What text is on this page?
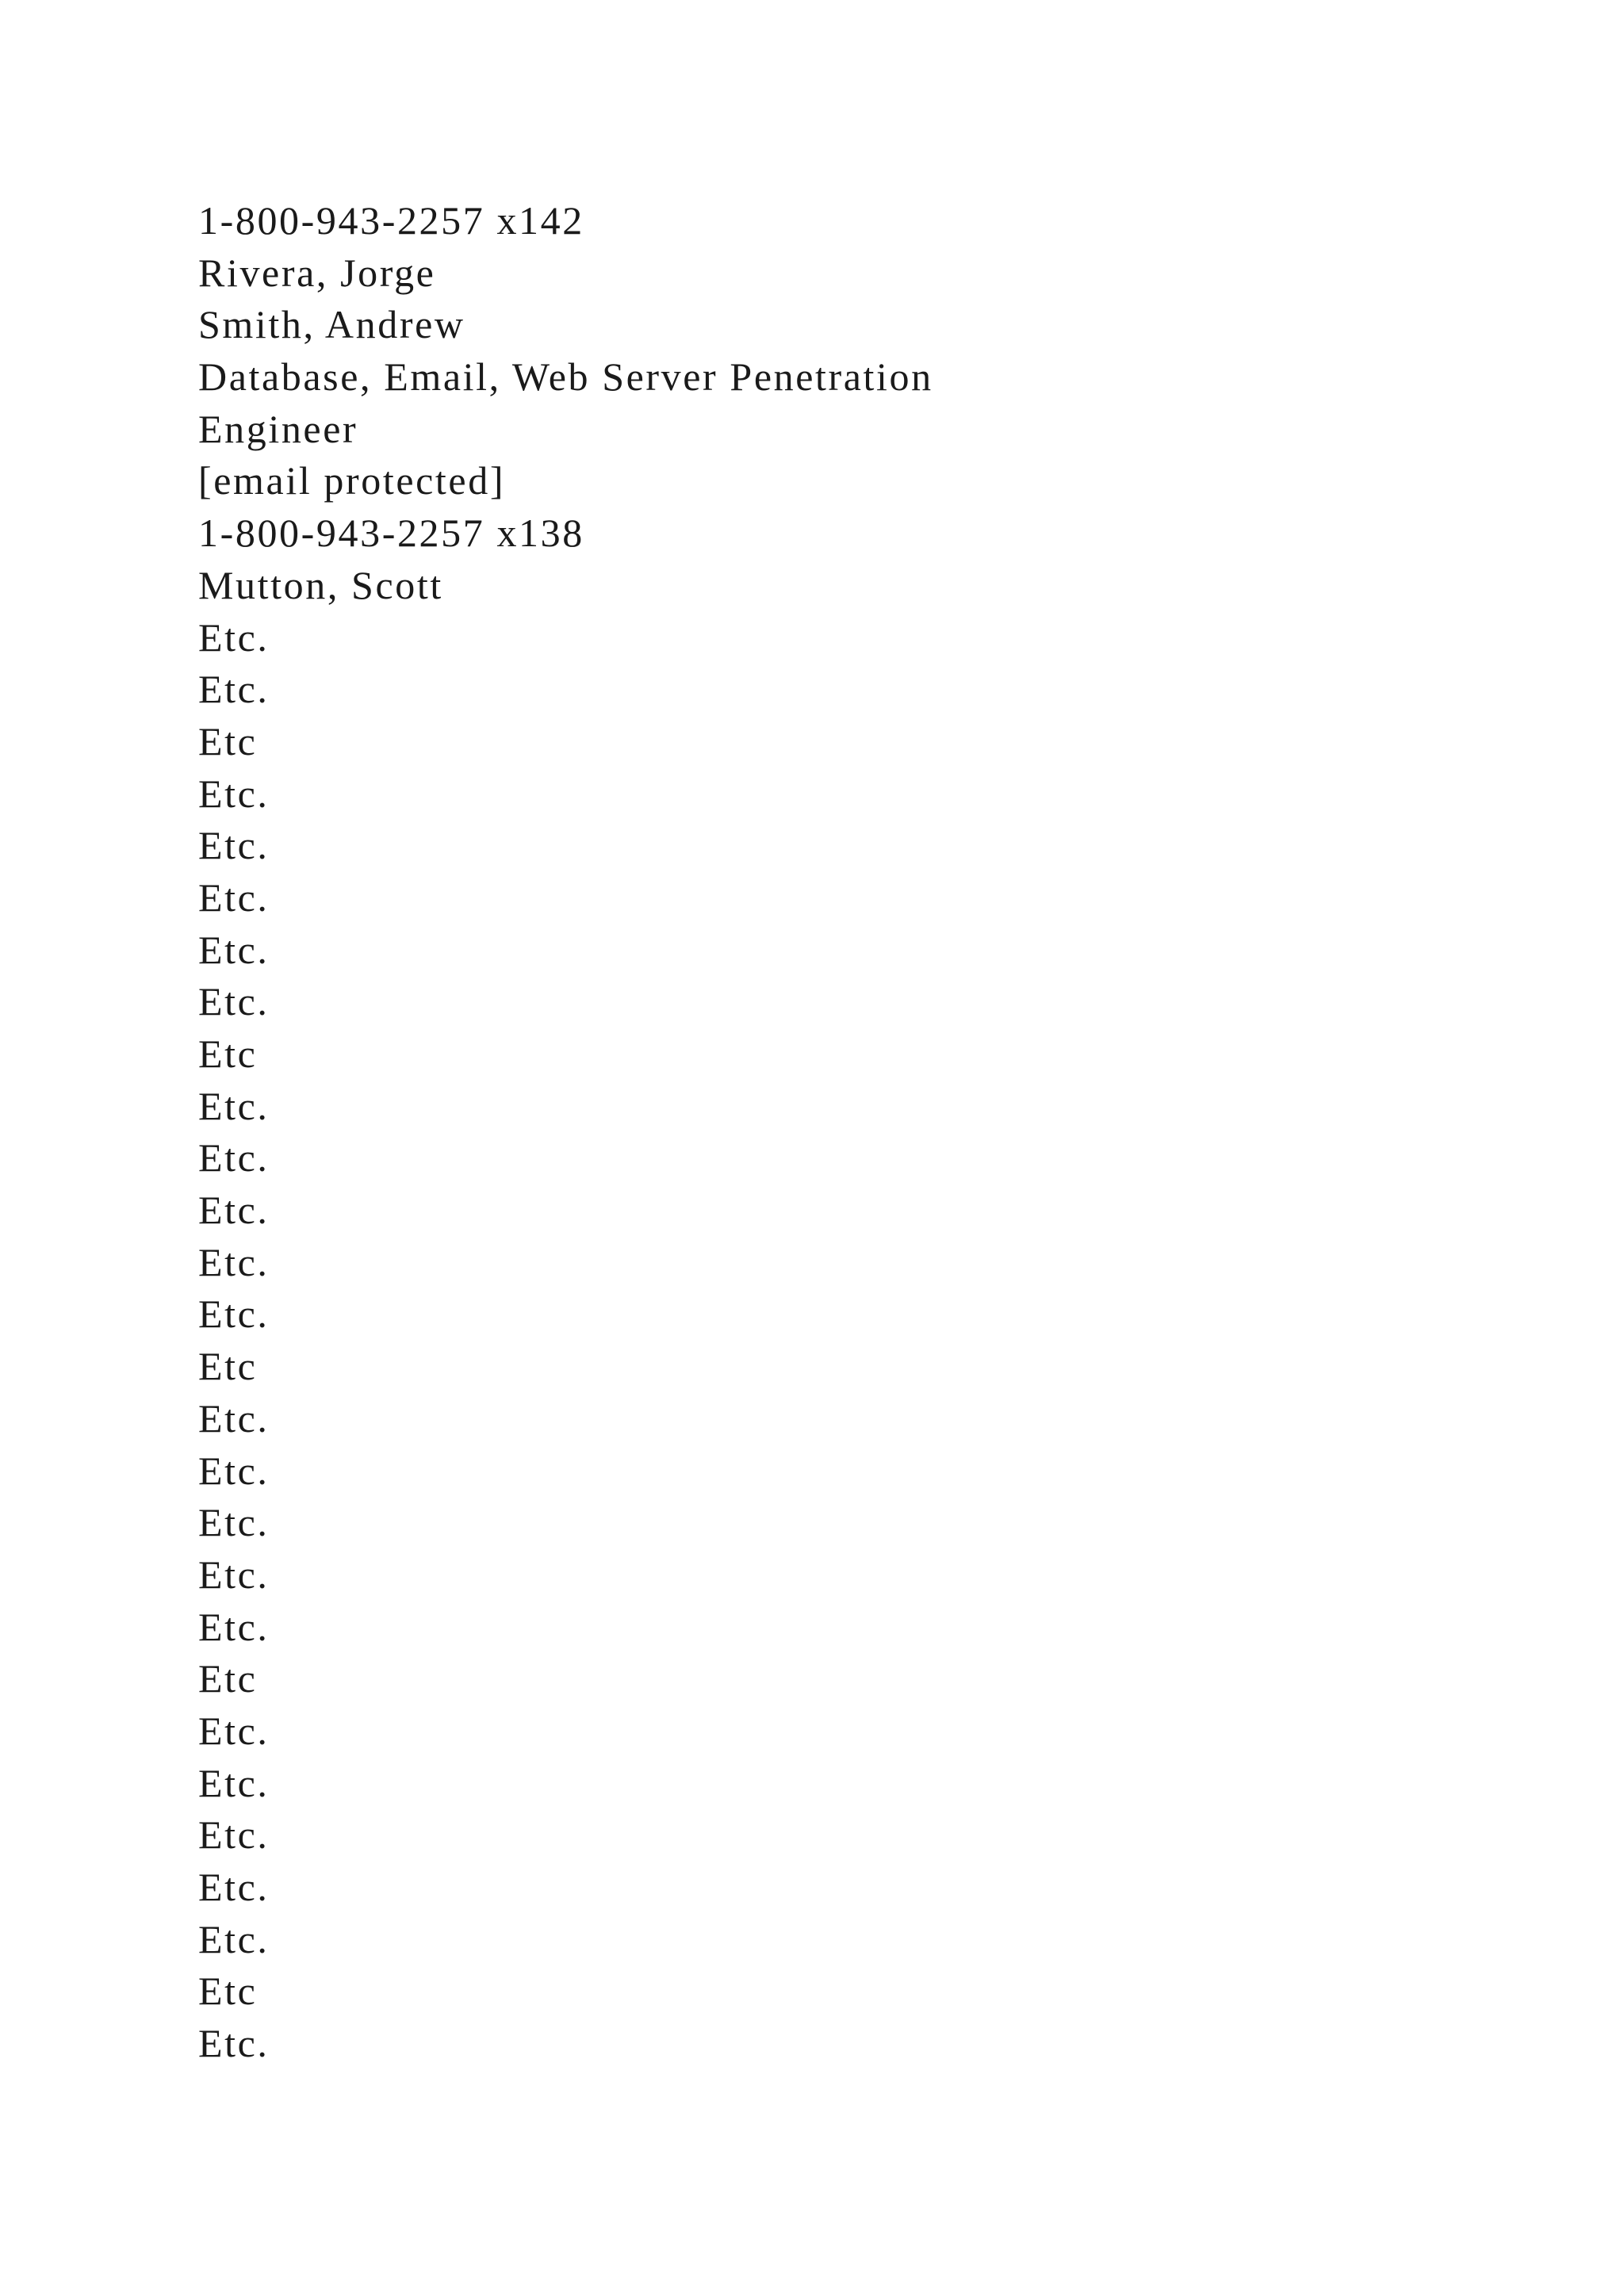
1-800-943-2257 x142
Rivera, Jorge
Smith, Andrew
Database, Email, Web Server Penetration
Engineer
[email protected]
1-800-943-2257 x138
Mutton, Scott
Etc.
Etc.
Etc
Etc.
Etc.
Etc.
Etc.
Etc.
Etc
Etc.
Etc.
Etc.
Etc.
Etc.
Etc
Etc.
Etc.
Etc.
Etc.
Etc.
Etc
Etc.
Etc.
Etc.
Etc.
Etc.
Etc
Etc.
